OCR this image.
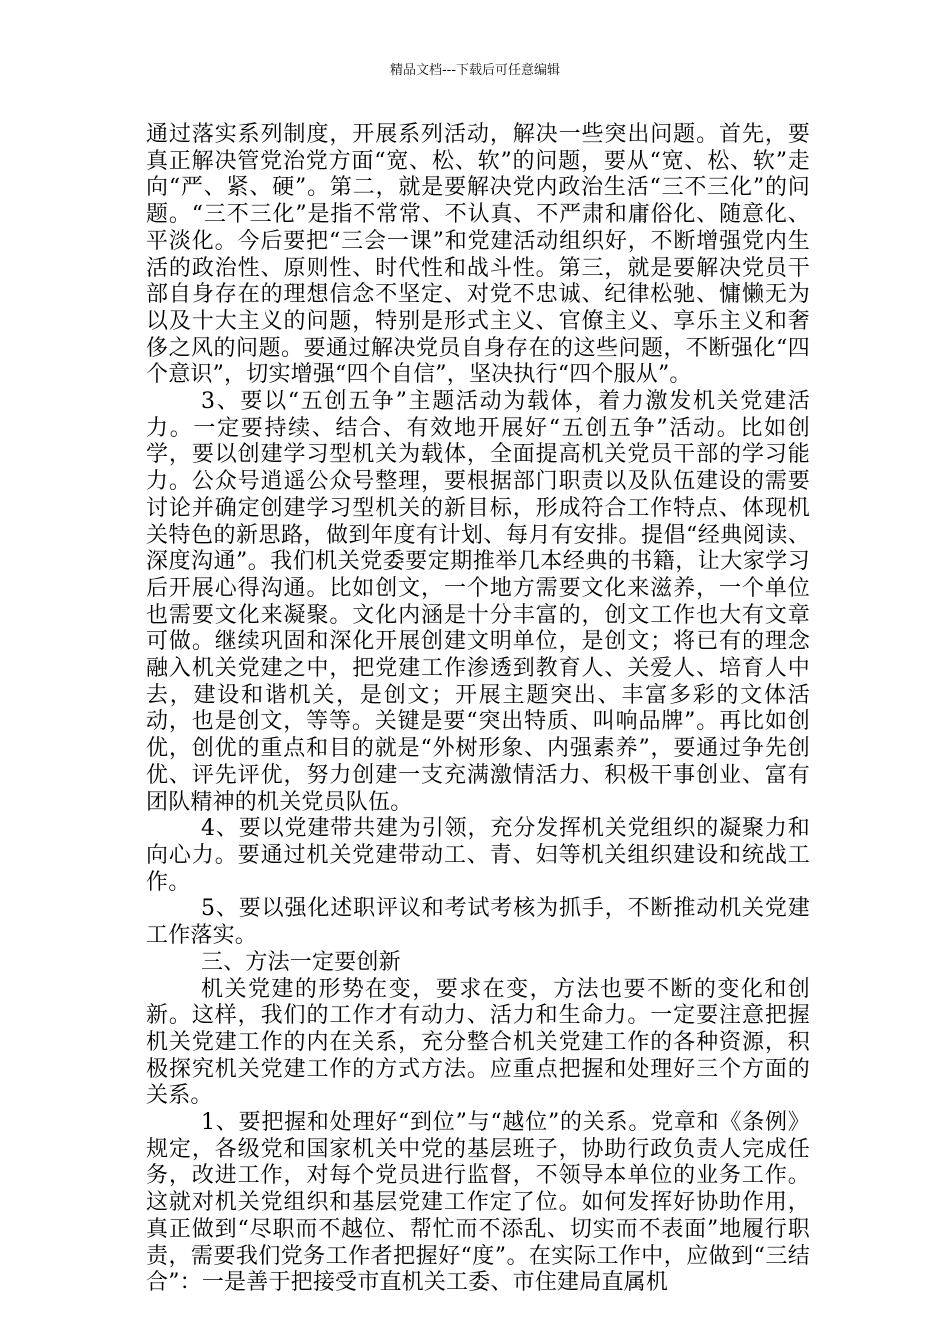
精品文档---下载后可任意编辑

通过落实系列制度，开展系列活动，解决一些突出问题。首先，要真正解决管党治党方面“宽、松、软”的问题，要从“宽、松、软”走向“严、紧、硬”。第二，就是要解决党内政治生活“三不三化”的问题。“三不三化”是指不常常、不认真、不严肃和庸俗化、随意化、平淡化。今后要把“三会一课”和党建活动组织好，不断增强党内生活的政治性、原则性、时代性和战斗性。第三，就是要解决党员干部自身存在的理想信念不坚定、对党不忠诚、纪律松驰、慵懒无为以及十大主义的问题，特别是形式主义、官僚主义、享乐主义和奢侈之风的问题。要通过解决党员自身存在的这些问题，不断强化“四个意识”，切实增强“四个自信”，坚决执行“四个服从”。

3、要以“五创五争”主题活动为载体，着力激发机关党建活力。一定要持续、结合、有效地开展好“五创五争”活动。比如创学，要以创建学习型机关为载体，全面提高机关党员干部的学习能力。公众号逍遥公众号整理，要根据部门职责以及队伍建设的需要讨论并确定创建学习型机关的新目标，形成符合工作特点、体现机关特色的新思路，做到年度有计划、每月有安排。提倡“经典阅读、深度沟通”。我们机关党委要定期推举几本经典的书籍，让大家学习后开展心得沟通。比如创文，一个地方需要文化来滋养，一个单位也需要文化来凝聚。文化内涵是十分丰富的，创文工作也大有文章可做。继续巩固和深化开展创建文明单位，是创文；将已有的理念融入机关党建之中，把党建工作渗透到教育人、关爱人、培育人中去，建设和谐机关，是创文；开展主题突出、丰富多彩的文体活动，也是创文，等等。关键是要“突出特质、叫响品牌”。再比如创优，创优的重点和目的就是“外树形象、内强素养”，要通过争先创优、评先评优，努力创建一支充满激情活力、积极干事创业、富有团队精神的机关党员队伍。

4、要以党建带共建为引领，充分发挥机关党组织的凝聚力和向心力。要通过机关党建带动工、青、妇等机关组织建设和统战工作。

5、要以强化述职评议和考试考核为抓手，不断推动机关党建工作落实。

三、方法一定要创新

机关党建的形势在变，要求在变，方法也要不断的变化和创新。这样，我们的工作才有动力、活力和生命力。一定要注意把握机关党建工作的内在关系，充分整合机关党建工作的各种资源，积极探究机关党建工作的方式方法。应重点把握和处理好三个方面的关系。

1、要把握和处理好“到位”与“越位”的关系。党章和《条例》规定，各级党和国家机关中党的基层班子，协助行政负责人完成任务，改进工作，对每个党员进行监督，不领导本单位的业务工作。这就对机关党组织和基层党建工作定了位。如何发挥好协助作用，真正做到“尽职而不越位、帮忙而不添乱、切实而不表面”地履行职责，需要我们党务工作者把握好“度”。在实际工作中，应做到“三结合”：一是善于把接受市直机关工委、市住建局直属机
